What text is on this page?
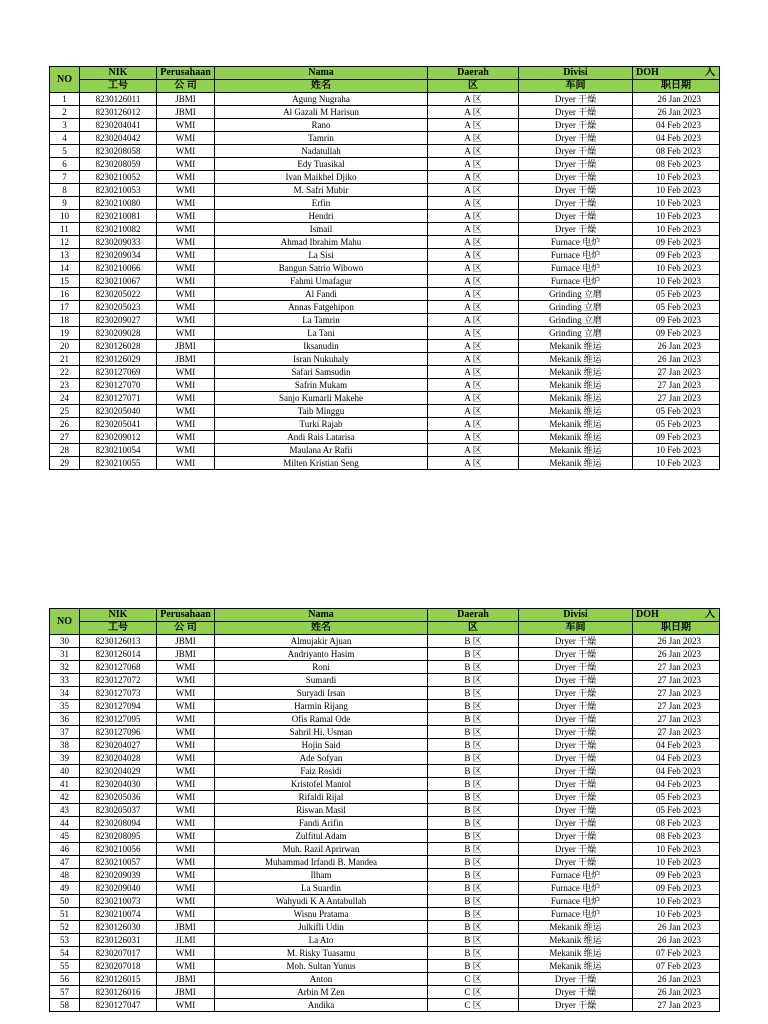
NO	NIK	Perusahaan	Nama	Daerah	Divisi	DOH 入

	工号	公 司	姓名	区	车间	职日期
1	8230126011	JBMI	Agung Nugraha	A 区	Dryer 干燥	26 Jan 2023
2	8230126012	JBMI	Al Gazali M Harisun	A 区	Dryer 干燥	26 Jan 2023
3	8230204041	WMI	Rano	A 区	Dryer 干燥	04 Feb 2023
4	8230204042	WMI	Tamrin	A 区	Dryer 干燥	04 Feb 2023
5	8230208058	WMI	Nadatullah	A 区	Dryer 干燥	08 Feb 2023
6	8230208059	WMI	Edy Tuasikal	A 区	Dryer 干燥	08 Feb 2023
7	8230210052	WMI	Ivan Maikhel Djiko	A 区	Dryer 干燥	10 Feb 2023
8	8230210053	WMI	M. Safri Mubir	A 区	Dryer 干燥	10 Feb 2023
9	8230210080	WMI	Erfin	A 区	Dryer 干燥	10 Feb 2023
10	8230210081	WMI	Hendri	A 区	Dryer 干燥	10 Feb 2023
11	8230210082	WMI	Ismail	A 区	Dryer 干燥	10 Feb 2023
12	8230209033	WMI	Ahmad Ibrahim Mahu	A 区	Furnace 电炉	09 Feb 2023
13	8230209034	WMI	La Sisi	A 区	Furnace 电炉	09 Feb 2023
14	8230210066	WMI	Bangun Satrio Wibowo	A 区	Furnace 电炉	10 Feb 2023
15	8230210067	WMI	Fahmi Umafagur	A 区	Furnace 电炉	10 Feb 2023
16	8230205022	WMI	Al Fandi	A 区	Grinding 立磨	05 Feb 2023
17	8230205023	WMI	Annas Fatgehipon	A 区	Grinding 立磨	05 Feb 2023
18	8230209027	WMI	La Tamrin	A 区	Grinding 立磨	09 Feb 2023
19	8230209028	WMI	La Tani	A 区	Grinding 立磨	09 Feb 2023
20	8230126028	JBMI	Iksanudin	A 区	Mekanik 维运	26 Jan 2023
21	8230126029	JBMI	Isran Nukuhaly	A 区	Mekanik 维运	26 Jan 2023
22	8230127069	WMI	Safari Samsudin	A 区	Mekanik 维运	27 Jan 2023
23	8230127070	WMI	Safrin Mukam	A 区	Mekanik 维运	27 Jan 2023
24	8230127071	WMI	Sanjo Kumarli Makehe	A 区	Mekanik 维运	27 Jan 2023
25	8230205040	WMI	Taib Minggu	A 区	Mekanik 维运	05 Feb 2023
26	8230205041	WMI	Turki Rajab	A 区	Mekanik 维运	05 Feb 2023
27	8230209012	WMI	Andi Rais Latarisa	A 区	Mekanik 维运	09 Feb 2023
28	8230210054	WMI	Maulana Ar Rafii	A 区	Mekanik 维运	10 Feb 2023
29	8230210055	WMI	Milten Kristian Seng	A 区	Mekanik 维运	10 Feb 2023
NO	NIK	Perusahaan	Nama	Daerah	Divisi	DOH 入

	工号	公 司	姓名	区	车间	职日期
30	8230126013	JBMI	Almujakir Ajuan	B 区	Dryer 干燥	26 Jan 2023
31	8230126014	JBMI	Andriyanto Hasim	B 区	Dryer 干燥	26 Jan 2023
32	8230127068	WMI	Roni	B 区	Dryer 干燥	27 Jan 2023
33	8230127072	WMI	Sumardi	B 区	Dryer 干燥	27 Jan 2023
34	8230127073	WMI	Suryadi Irsan	B 区	Dryer 干燥	27 Jan 2023
35	8230127094	WMI	Harmin Rijang	B 区	Dryer 干燥	27 Jan 2023
36	8230127095	WMI	Ofis Ramal Ode	B 区	Dryer 干燥	27 Jan 2023
37	8230127096	WMI	Sahril Hi. Usman	B 区	Dryer 干燥	27 Jan 2023
38	8230204027	WMI	Hojin Said	B 区	Dryer 干燥	04 Feb 2023
39	8230204028	WMI	Ade Sofyan	B 区	Dryer 干燥	04 Feb 2023
40	8230204029	WMI	Faiz Rosidi	B 区	Dryer 干燥	04 Feb 2023
41	8230204030	WMI	Kristofel Mantol	B 区	Dryer 干燥	04 Feb 2023
42	8230205036	WMI	Rifaldi Rijal	B 区	Dryer 干燥	05 Feb 2023
43	8230205037	WMI	Riswan Masil	B 区	Dryer 干燥	05 Feb 2023
44	8230208094	WMI	Fandi Arifin	B 区	Dryer 干燥	08 Feb 2023
45	8230208095	WMI	Zulfitul Adam	B 区	Dryer 干燥	08 Feb 2023
46	8230210056	WMI	Muh. Razil Aprirwan	B 区	Dryer 干燥	10 Feb 2023
47	8230210057	WMI	Muhammad Irfandi B. Mandea	B 区	Dryer 干燥	10 Feb 2023
48	8230209039	WMI	Ilham	B 区	Furnace 电炉	09 Feb 2023
49	8230209040	WMI	La Suardin	B 区	Furnace 电炉	09 Feb 2023
50	8230210073	WMI	Wahyudi K A Antabullah	B 区	Furnace 电炉	10 Feb 2023
51	8230210074	WMI	Wisnu Pratama	B 区	Furnace 电炉	10 Feb 2023
52	8230126030	JBMI	Julkifli Udin	B 区	Mekanik 维运	26 Jan 2023
53	8230126031	JLMI	La Ato	B 区	Mekanik 维运	26 Jan 2023
54	8230207017	WMI	M. Risky Tuasamu	B 区	Mekanik 维运	07 Feb 2023
55	8230207018	WMI	Moh. Sultan Yunus	B 区	Mekanik 维运	07 Feb 2023
56	8230126015	JBMI	Anton	C 区	Dryer 干燥	26 Jan 2023
57	8230126016	JBMI	Arbin M Zen	C 区	Dryer 干燥	26 Jan 2023
58	8230127047	WMI	Andika	C 区	Dryer 干燥	27 Jan 2023
